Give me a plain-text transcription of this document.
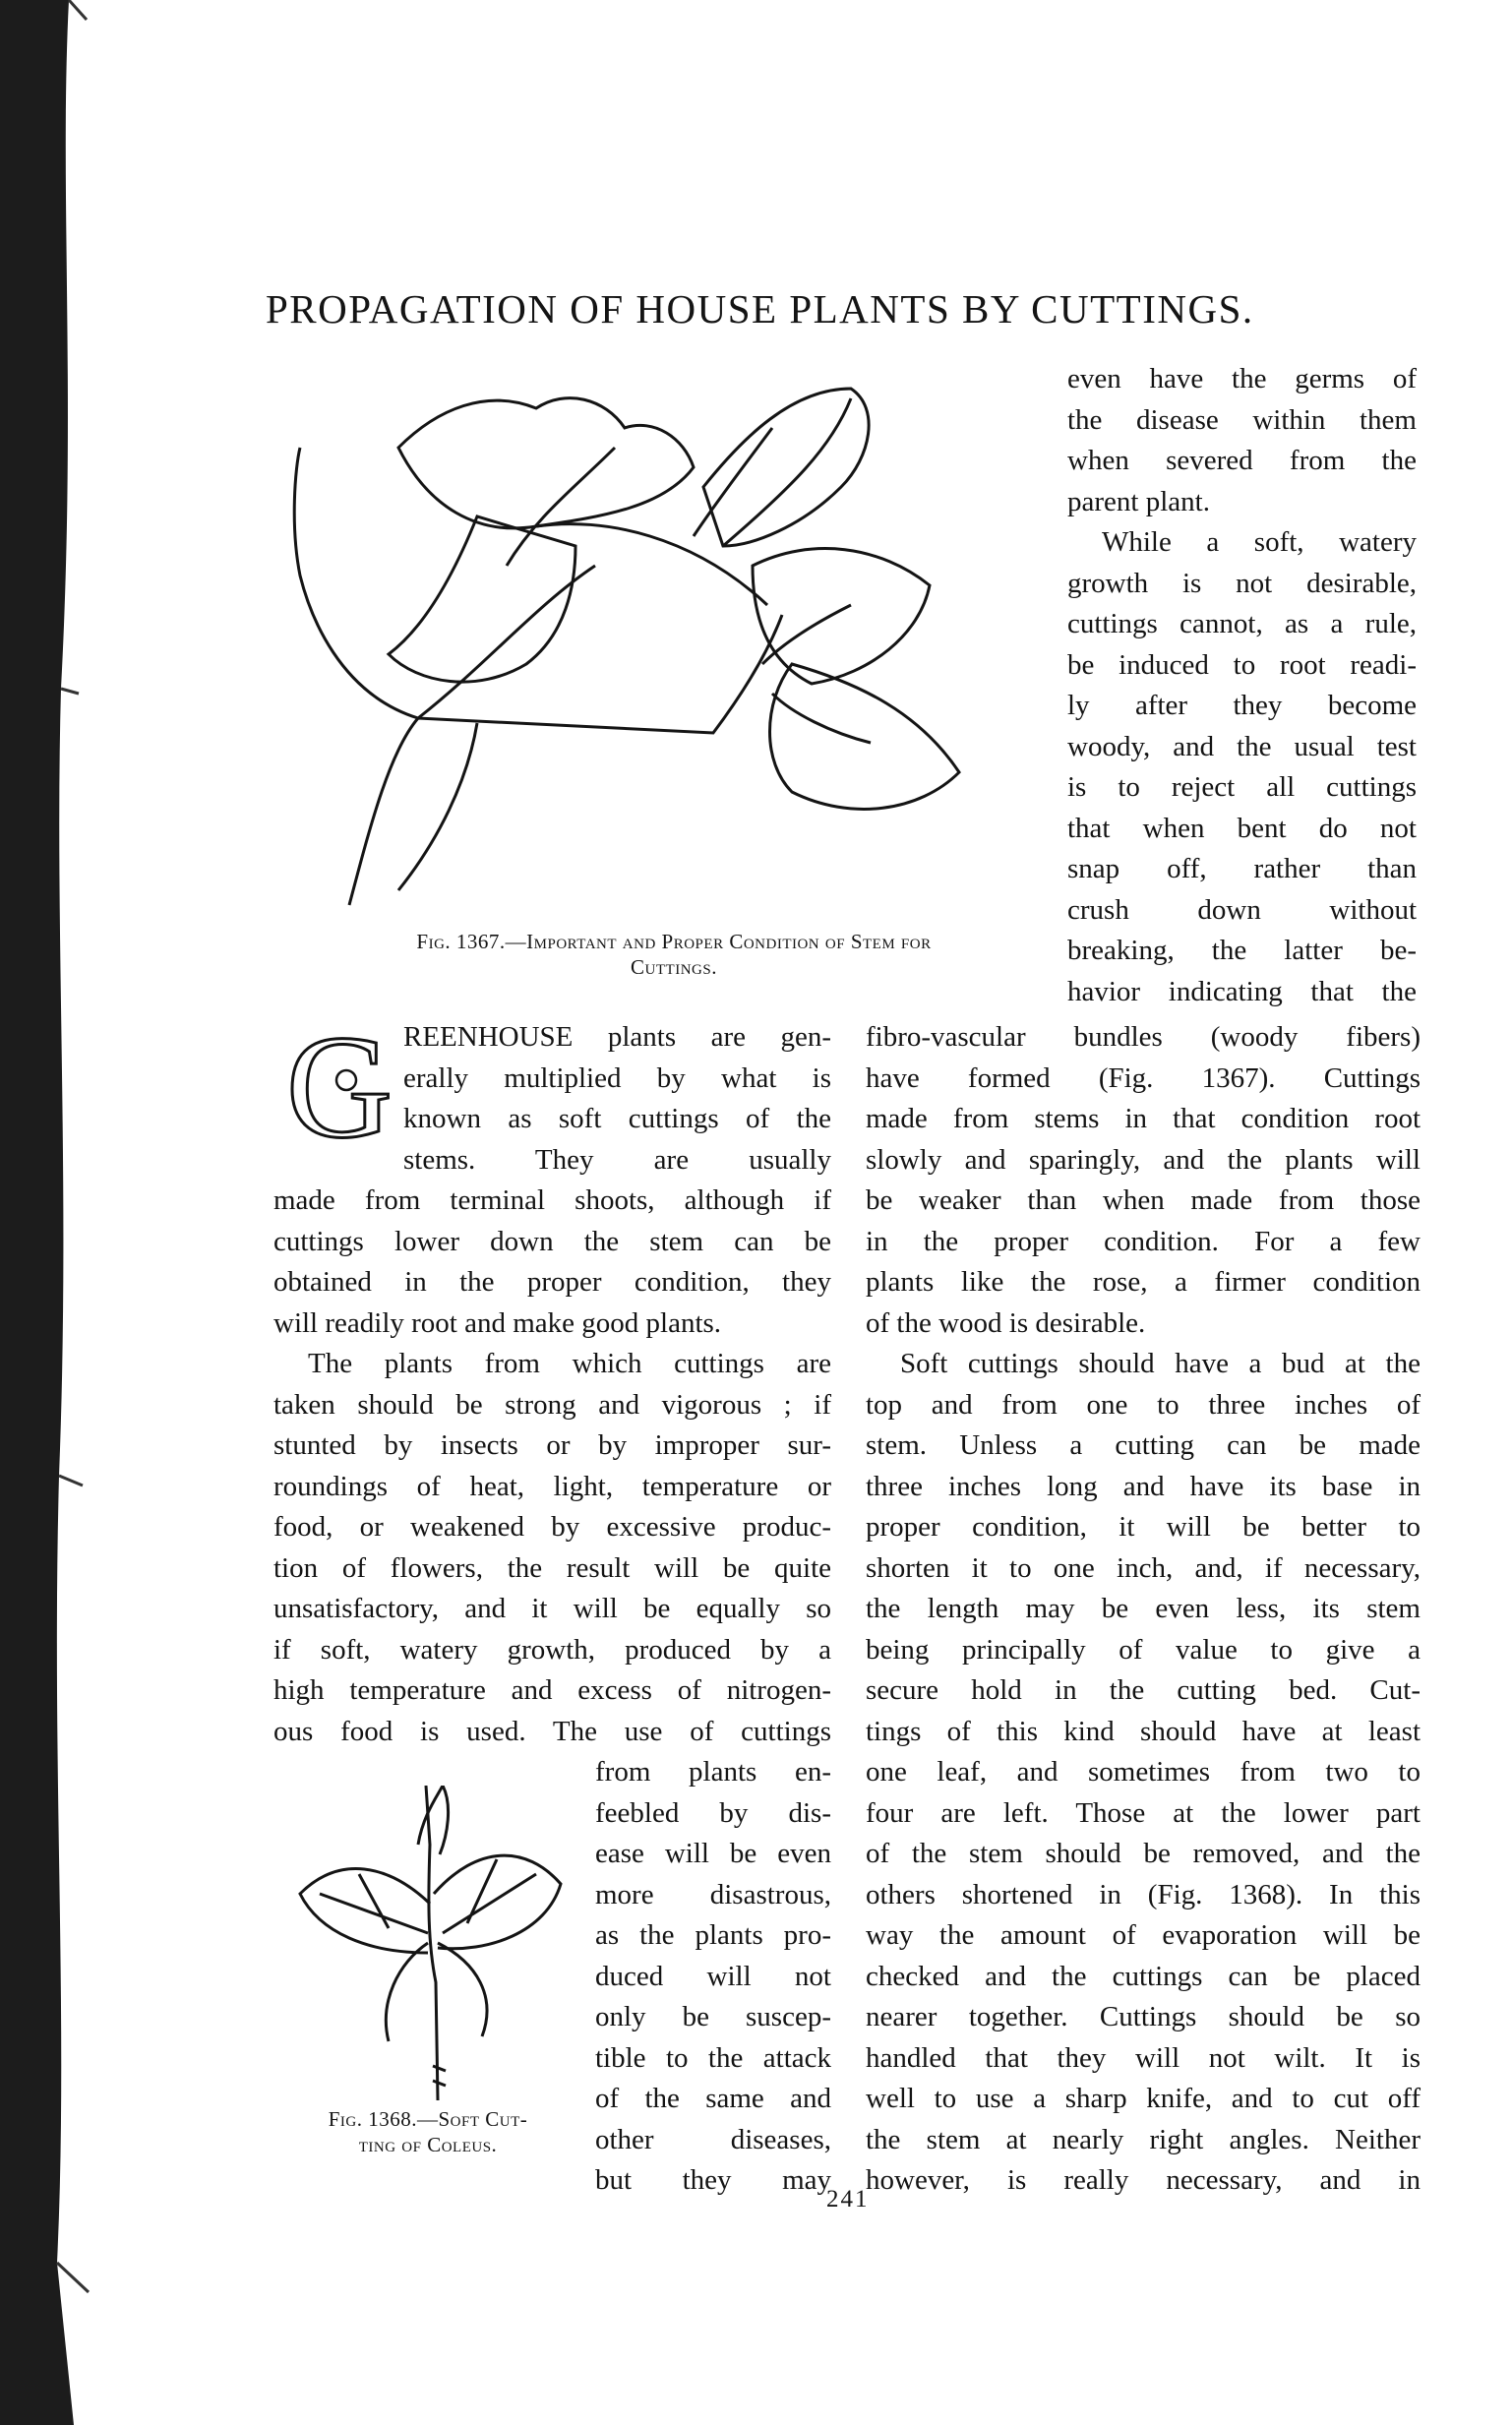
PROPAGATION OF HOUSE PLANTS BY CUTTINGS.
Fig. 1367.—Important and Proper Condition of Stem for
Cuttings.
G
even have the germs of
the disease within them
when severed from the
parent plant.
While a soft, watery
growth is not desirable,
cuttings cannot, as a rule,
be induced to root readi-
ly after they become
woody, and the usual test
is to reject all cuttings
that when bent do not
snap off, rather than
crush down without
breaking, the latter be-
havior indicating that the
REENHOUSE plants are gen-
erally multiplied by what is
known as soft cuttings of the
stems. They are usually
made from terminal shoots, although if
cuttings lower down the stem can be
obtained in the proper condition, they
will readily root and make good plants.
The plants from which cuttings are
taken should be strong and vigorous ; if
stunted by insects or by improper sur-
roundings of heat, light, temperature or
food, or weakened by excessive produc-
tion of flowers, the result will be quite
unsatisfactory, and it will be equally so
if soft, watery growth, produced by a
high temperature and excess of nitrogen-
ous food is used. The use of cuttings
from plants en-
feebled by dis-
ease will be even
more disastrous,
as the plants pro-
duced will not
only be suscep-
tible to the attack
of the same and
other diseases,
but they may
fibro-vascular bundles (woody fibers)
have formed (Fig. 1367). Cuttings
made from stems in that condition root
slowly and sparingly, and the plants will
be weaker than when made from those
in the proper condition. For a few
plants like the rose, a firmer condition
of the wood is desirable.
Soft cuttings should have a bud at the
top and from one to three inches of
stem. Unless a cutting can be made
three inches long and have its base in
proper condition, it will be better to
shorten it to one inch, and, if necessary,
the length may be even less, its stem
being principally of value to give a
secure hold in the cutting bed. Cut-
tings of this kind should have at least
one leaf, and sometimes from two to
four are left. Those at the lower part
of the stem should be removed, and the
others shortened in (Fig. 1368). In this
way the amount of evaporation will be
checked and the cuttings can be placed
nearer together. Cuttings should be so
handled that they will not wilt. It is
well to use a sharp knife, and to cut off
the stem at nearly right angles. Neither
however, is really necessary, and in
Fig. 1368.—Soft Cut-
ting of Coleus.
241
